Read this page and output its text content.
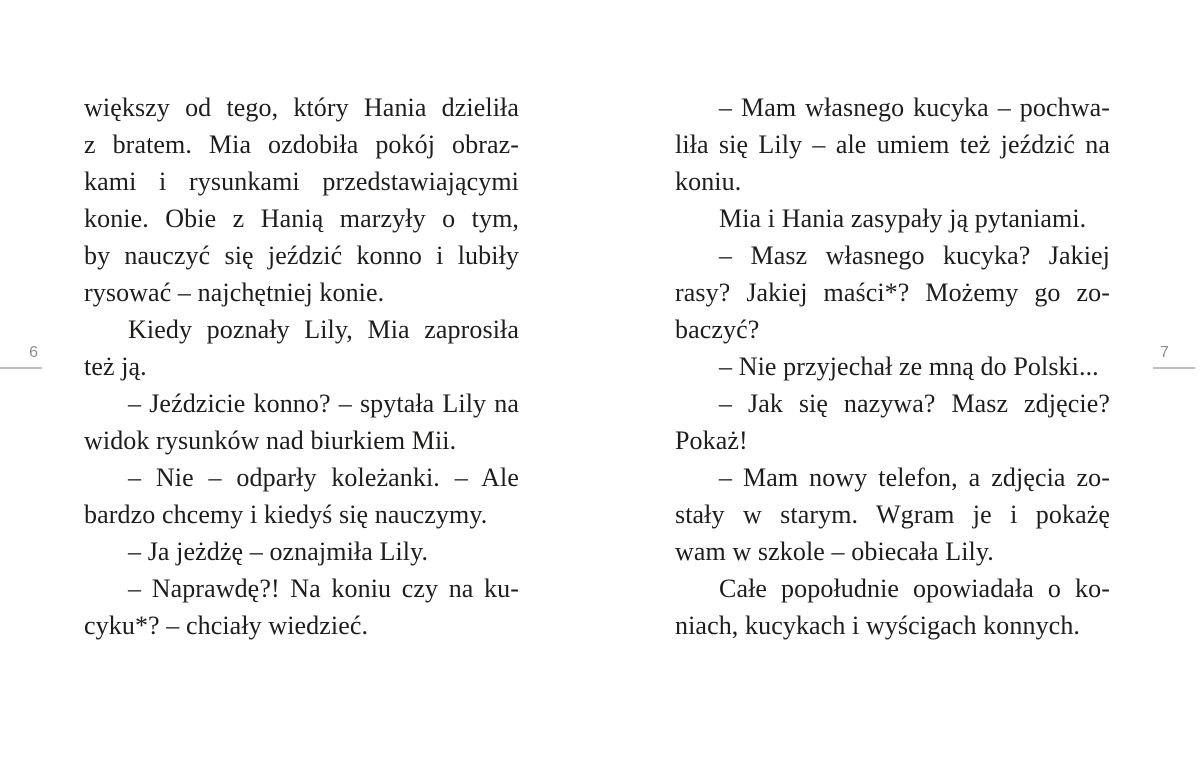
6
większy od tego, który Hania dzieliła
z bratem. Mia ozdobiła pokój obraz-
kami i rysunkami przedstawiającymi
konie. Obie z Hanią marzyły o tym,
by nauczyć się jeździć konno i lubiły
rysować – najchętniej konie.
Kiedy poznały Lily, Mia zaprosiła
też ją.
– Jeździcie konno? – spytała Lily na
widok rysunków nad biurkiem Mii.
– Nie – odparły koleżanki. – Ale
bardzo chcemy i kiedyś się nauczymy.
– Ja jeżdżę – oznajmiła Lily.
– Naprawdę?! Na koniu czy na ku-
cyku*? – chciały wiedzieć.
– Mam własnego kucyka – pochwa-
liła się Lily – ale umiem też jeździć na
koniu.
Mia i Hania zasypały ją pytaniami.
– Masz własnego kucyka? Jakiej
rasy? Jakiej maści*? Możemy go zo-
baczyć?
– Nie przyjechał ze mną do Polski...
– Jak się nazywa? Masz zdjęcie?
Pokaż!
– Mam nowy telefon, a zdjęcia zo-
stały w starym. Wgram je i pokażę
wam w szkole – obiecała Lily.
Całe popołudnie opowiadała o ko-
niach, kucykach i wyścigach konnych.
7
